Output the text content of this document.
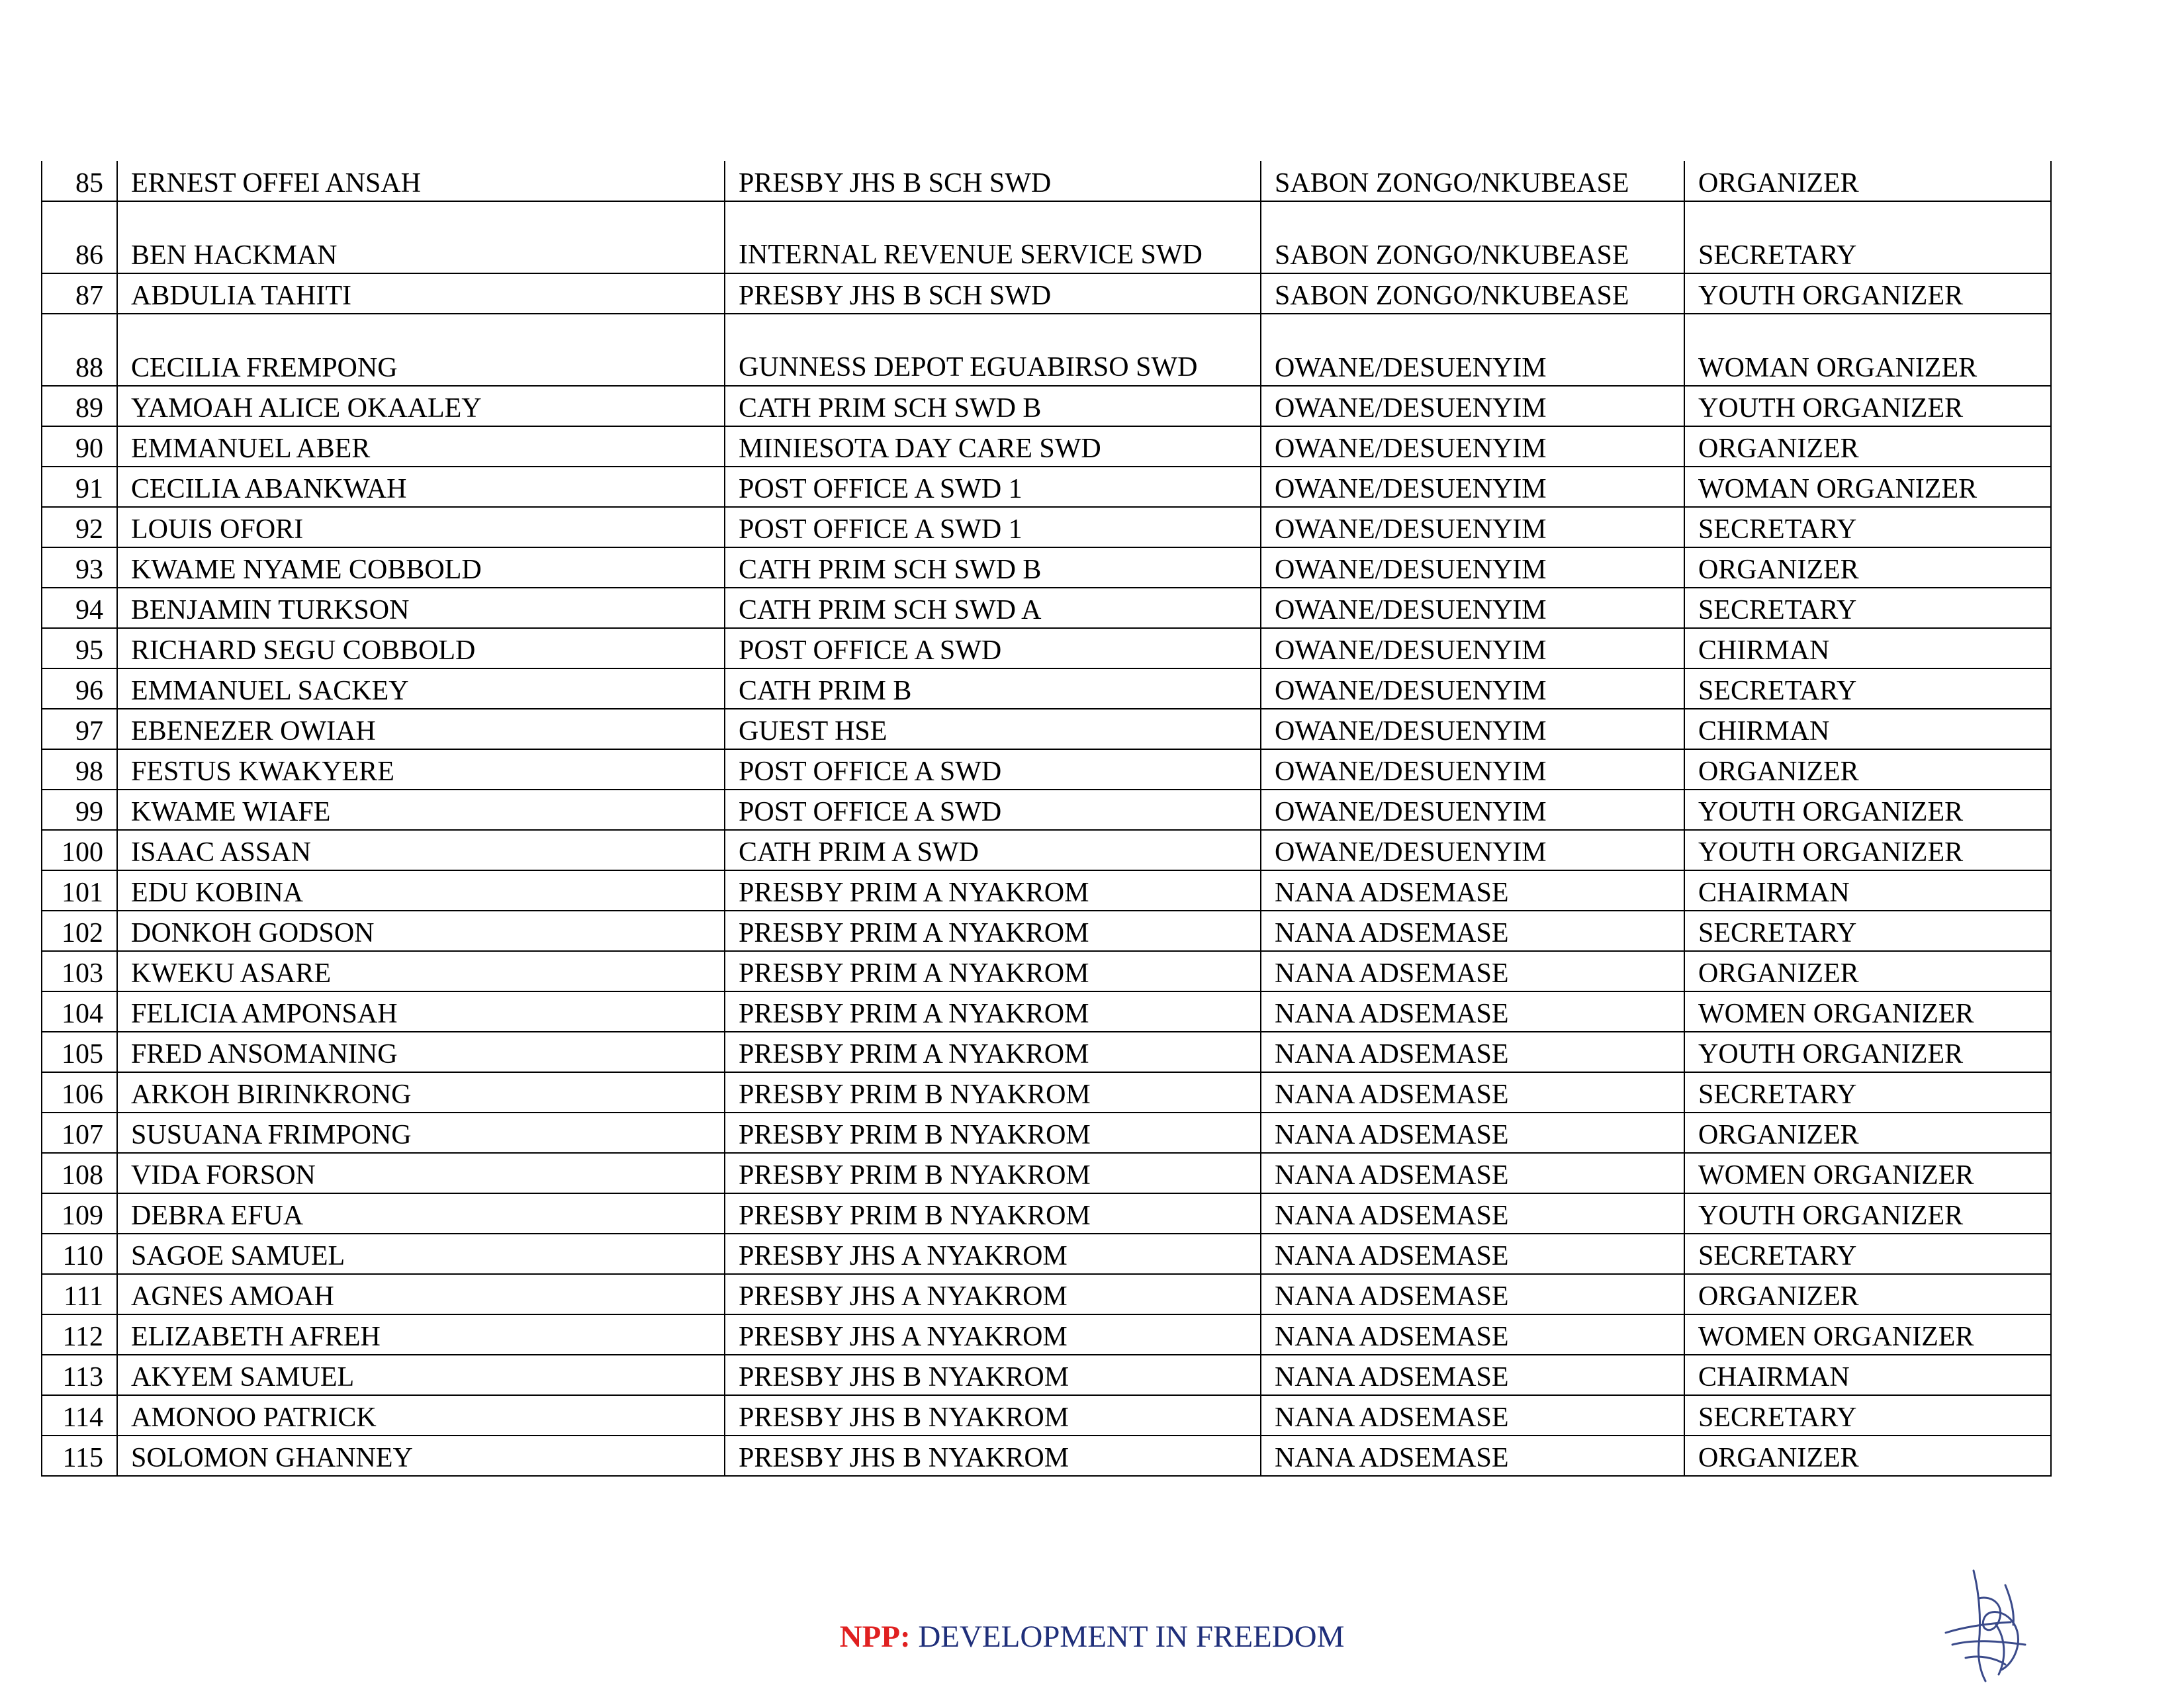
85	ERNEST OFFEI ANSAH	PRESBY JHS B SCH SWD	SABON ZONGO/NKUBEASE	ORGANIZER
86	BEN HACKMAN	INTERNAL REVENUE SERVICE SWD	SABON ZONGO/NKUBEASE	SECRETARY
87	ABDULIA TAHITI	PRESBY JHS B SCH SWD	SABON ZONGO/NKUBEASE	YOUTH ORGANIZER
88	CECILIA FREMPONG	GUNNESS DEPOT EGUABIRSO SWD	OWANE/DESUENYIM	WOMAN ORGANIZER
89	YAMOAH ALICE OKAALEY	CATH PRIM SCH SWD B	OWANE/DESUENYIM	YOUTH ORGANIZER
90	EMMANUEL ABER	MINIESOTA DAY CARE SWD	OWANE/DESUENYIM	ORGANIZER
91	CECILIA ABANKWAH	POST OFFICE A SWD 1	OWANE/DESUENYIM	WOMAN ORGANIZER
92	LOUIS OFORI	POST OFFICE A SWD 1	OWANE/DESUENYIM	SECRETARY
93	KWAME NYAME COBBOLD	CATH PRIM SCH SWD B	OWANE/DESUENYIM	ORGANIZER
94	BENJAMIN TURKSON	CATH PRIM SCH SWD A	OWANE/DESUENYIM	SECRETARY
95	RICHARD SEGU COBBOLD	POST OFFICE A SWD	OWANE/DESUENYIM	CHIRMAN
96	EMMANUEL SACKEY	CATH PRIM B	OWANE/DESUENYIM	SECRETARY
97	EBENEZER OWIAH	GUEST HSE	OWANE/DESUENYIM	CHIRMAN
98	FESTUS KWAKYERE	POST OFFICE A SWD	OWANE/DESUENYIM	ORGANIZER
99	KWAME WIAFE	POST OFFICE A SWD	OWANE/DESUENYIM	YOUTH ORGANIZER
100	ISAAC ASSAN	CATH PRIM A SWD	OWANE/DESUENYIM	YOUTH ORGANIZER
101	EDU KOBINA	PRESBY PRIM A NYAKROM	NANA ADSEMASE	CHAIRMAN
102	DONKOH GODSON	PRESBY PRIM A NYAKROM	NANA ADSEMASE	SECRETARY
103	KWEKU ASARE	PRESBY PRIM A NYAKROM	NANA ADSEMASE	ORGANIZER
104	FELICIA AMPONSAH	PRESBY PRIM A NYAKROM	NANA ADSEMASE	WOMEN ORGANIZER
105	FRED ANSOMANING	PRESBY PRIM A NYAKROM	NANA ADSEMASE	YOUTH ORGANIZER
106	ARKOH BIRINKRONG	PRESBY PRIM B NYAKROM	NANA ADSEMASE	SECRETARY
107	SUSUANA FRIMPONG	PRESBY PRIM B NYAKROM	NANA ADSEMASE	ORGANIZER
108	VIDA FORSON	PRESBY PRIM B NYAKROM	NANA ADSEMASE	WOMEN ORGANIZER
109	DEBRA EFUA	PRESBY PRIM B NYAKROM	NANA ADSEMASE	YOUTH ORGANIZER
110	SAGOE SAMUEL	PRESBY JHS A NYAKROM	NANA ADSEMASE	SECRETARY
111	AGNES AMOAH	PRESBY JHS A NYAKROM	NANA ADSEMASE	ORGANIZER
112	ELIZABETH AFREH	PRESBY JHS A NYAKROM	NANA ADSEMASE	WOMEN ORGANIZER
113	AKYEM SAMUEL	PRESBY JHS B NYAKROM	NANA ADSEMASE	CHAIRMAN
114	AMONOO PATRICK	PRESBY JHS B NYAKROM	NANA ADSEMASE	SECRETARY
115	SOLOMON GHANNEY	PRESBY JHS B NYAKROM	NANA ADSEMASE	ORGANIZER
NPP: DEVELOPMENT IN FREEDOM
